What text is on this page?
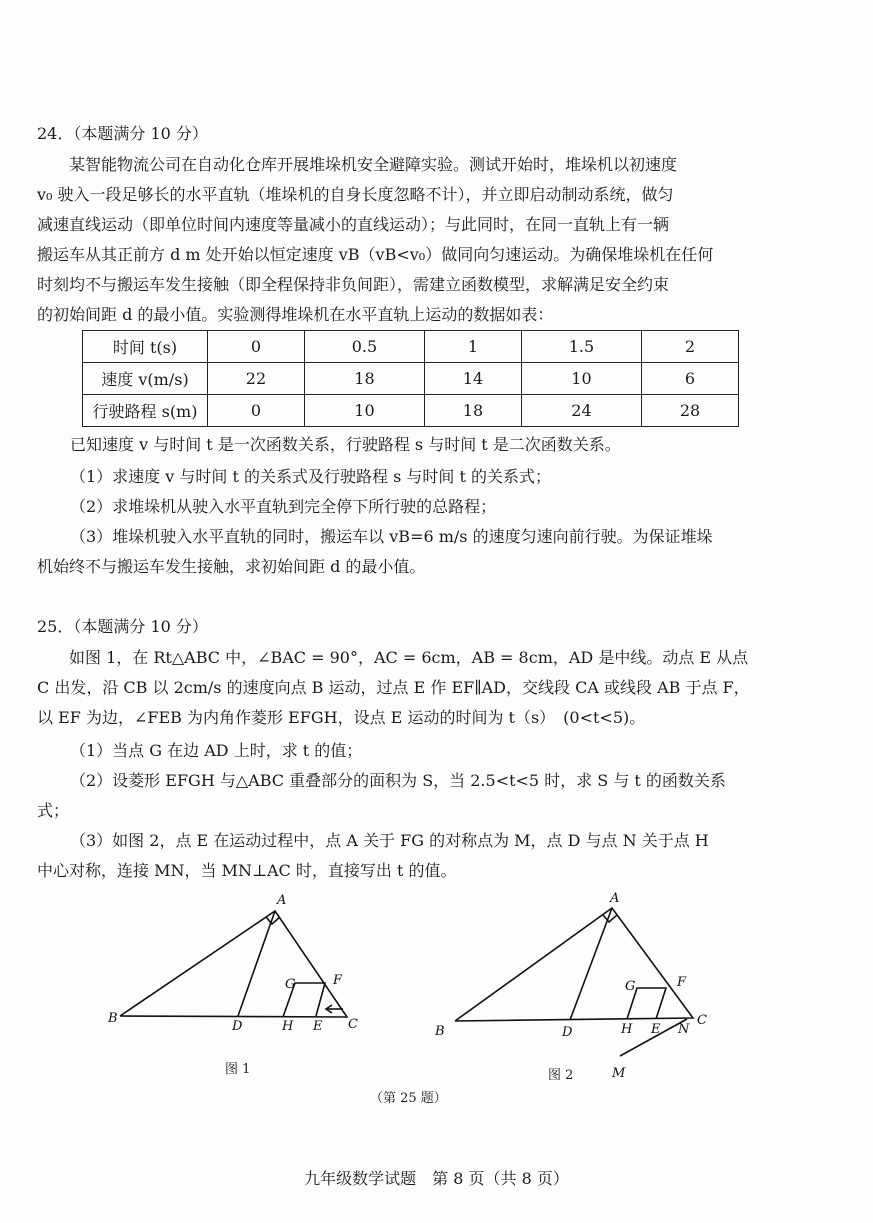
24．（本题满分 10 分）
某智能物流公司在自动化仓库开展堆垛机安全避障实验。测试开始时，堆垛机以初速度
v₀ 驶入一段足够长的水平直轨（堆垛机的自身长度忽略不计），并立即启动制动系统，做匀
减速直线运动（即单位时间内速度等量减小的直线运动）；与此同时，在同一直轨上有一辆
搬运车从其正前方 d m 处开始以恒定速度 vB（vB<v₀）做同向匀速运动。为确保堆垛机在任何
时刻均不与搬运车发生接触（即全程保持非负间距），需建立函数模型，求解满足安全约束
的初始间距 d 的最小值。实验测得堆垛机在水平直轨上运动的数据如表：
时间 t(s)	0	0.5	1	1.5	2
速度 v(m/s)	22	18	14	10	6
行驶路程 s(m)	0	10	18	24	28
已知速度 v 与时间 t 是一次函数关系，行驶路程 s 与时间 t 是二次函数关系。
（1）求速度 v 与时间 t 的关系式及行驶路程 s 与时间 t 的关系式；
（2）求堆垛机从驶入水平直轨到完全停下所行驶的总路程；
（3）堆垛机驶入水平直轨的同时，搬运车以 vB=6 m/s 的速度匀速向前行驶。为保证堆垛
机始终不与搬运车发生接触，求初始间距 d 的最小值。
25．（本题满分 10 分）
如图 1，在 Rt△ABC 中，∠BAC = 90°，AC = 6cm，AB = 8cm，AD 是中线。动点 E 从点
C 出发，沿 CB 以 2cm/s 的速度向点 B 运动，过点 E 作 EF∥AD，交线段 CA 或线段 AB 于点 F，
以 EF 为边，∠FEB 为内角作菱形 EFGH，设点 E 运动的时间为 t（s）　(0<t<5)。
（1）当点 G 在边 AD 上时，求 t 的值；
（2）设菱形 EFGH 与△ABC 重叠部分的面积为 S，当 2.5<t<5 时，求 S 与 t 的函数关系
式；
（3）如图 2，点 E 在运动过程中，点 A 关于 FG 的对称点为 M，点 D 与点 N 关于点 H
中心对称，连接 MN，当 MN⊥AC 时，直接写出 t 的值。
A
B	C
D	E
F
G
H
图 1
A
B
C
D	E
F
G
H	N
M
图 2
（第 25 题）
九年级数学试题　第 8 页（共 8 页）
